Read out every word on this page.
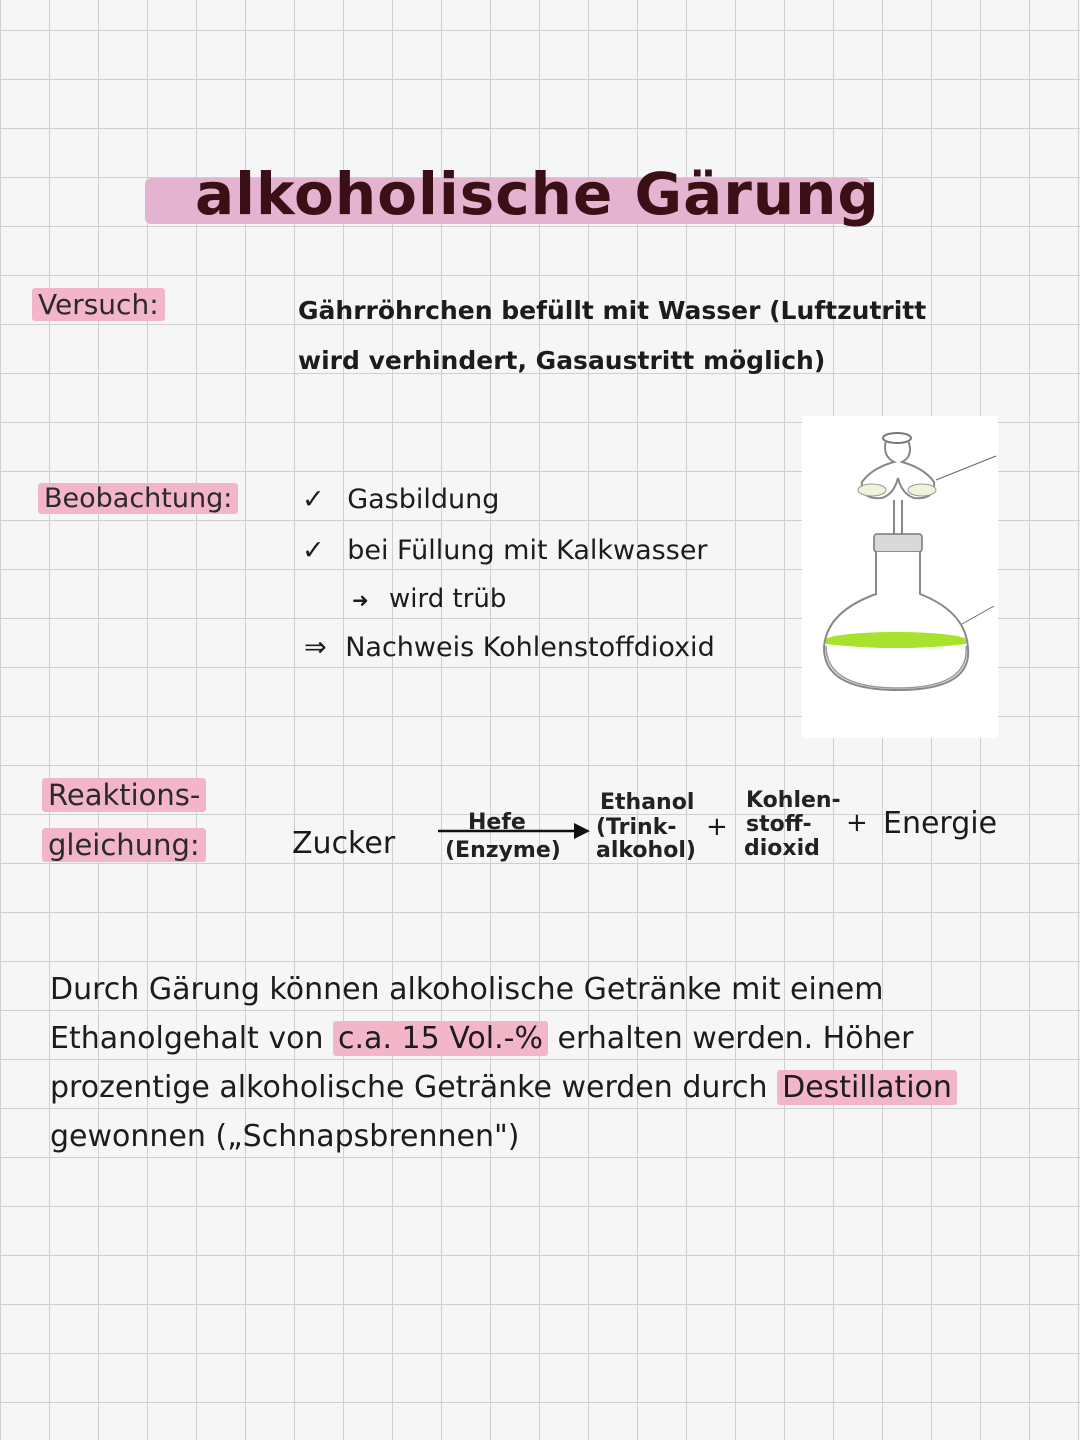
alkoholische Gärung
Versuch:	Gährröhrchen befüllt mit Wasser (Luftzutritt
wird verhindert, Gasaustritt möglich)
Beobachtung:	✓ Gasbildung
✓ bei Füllung mit Kalkwasser
➜ wird trüb
⇒ Nachweis Kohlenstoffdioxid
Reaktions-
gleichung:	Zucker
Hefe
(Enzyme)
Ethanol
(Trink-
alkohol)
+
Kohlen-
stoff-
dioxid
+ Energie
Durch Gärung können alkoholische Getränke mit einem
Ethanolgehalt von c.a. 15 Vol.-% erhalten werden. Höher
prozentige alkoholische Getränke werden durch Destillation
gewonnen („Schnapsbrennen")
